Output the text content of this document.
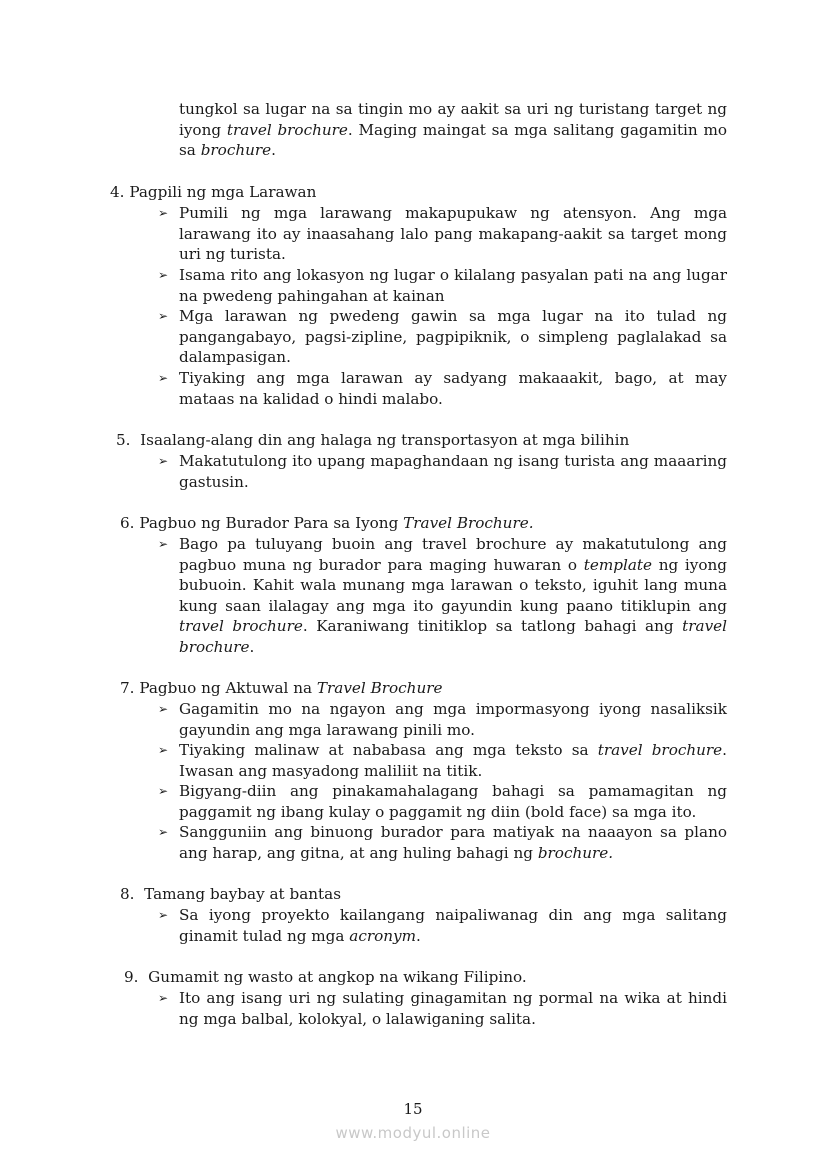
tungkol sa lugar na sa tingin mo ay aakit sa uri ng turistang target ng iyong travel brochure. Maging maingat sa mga salitang gagamitin mo sa brochure.
4. Pagpili ng mga Larawan
➢ Pumili ng mga larawang makapupukaw ng atensyon. Ang mga larawang ito ay inaasahang lalo pang makapang-aakit sa target mong uri ng turista.
➢ Isama rito ang lokasyon ng lugar o kilalang pasyalan pati na ang lugar na pwedeng pahingahan at kainan
➢ Mga larawan ng pwedeng gawin sa mga lugar na ito tulad ng pangangabayo, pagsi-zipline, pagpipiknik, o simpleng paglalakad sa dalampasigan.
➢ Tiyaking ang mga larawan ay sadyang makaaakit, bago, at may mataas na kalidad o hindi malabo.
5. Isaalang-alang din ang halaga ng transportasyon at mga bilihin
➢ Makatutulong ito upang mapaghandaan ng isang turista ang maaaring gastusin.
6. Pagbuo ng Burador Para sa Iyong Travel Brochure.
➢ Bago pa tuluyang buoin ang travel brochure ay makatutulong ang pagbuo muna ng burador para maging huwaran o template ng iyong bubuoin. Kahit wala munang mga larawan o teksto, iguhit lang muna kung saan ilalagay ang mga ito gayundin kung paano titiklupin ang travel brochure. Karaniwang tinitiklop sa tatlong bahagi ang travel brochure.
7. Pagbuo ng Aktuwal na Travel Brochure
➢ Gagamitin mo na ngayon ang mga impormasyong iyong nasaliksik gayundin ang mga larawang pinili mo.
➢ Tiyaking malinaw at nababasa ang mga teksto sa travel brochure. Iwasan ang masyadong maliliit na titik.
➢ Bigyang-diin ang pinakamahalagang bahagi sa pamamagitan ng paggamit ng ibang kulay o paggamit ng diin (bold face) sa mga ito.
➢ Sangguniin ang binuong burador para matiyak na naaayon sa plano ang harap, ang gitna, at ang huling bahagi ng brochure.
8. Tamang baybay at bantas
➢ Sa iyong proyekto kailangang naipaliwanag din ang mga salitang ginamit tulad ng mga acronym.
9. Gumamit ng wasto at angkop na wikang Filipino.
➢ Ito ang isang uri ng sulating ginagamitan ng pormal na wika at hindi ng mga balbal, kolokyal, o lalawiganing salita.
15
www.modyul.online
